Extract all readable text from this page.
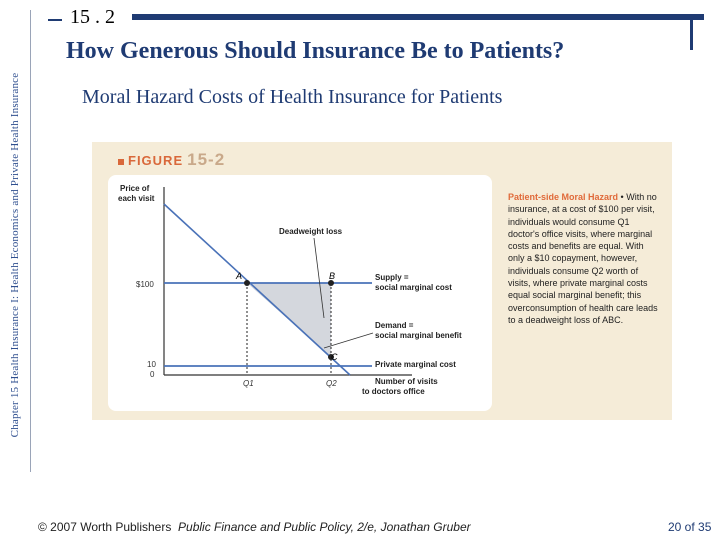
Chapter 15 Health Insurance I: Health Economics and Private Health Insurance
15 . 2
How Generous Should Insurance Be to Patients?
Moral Hazard Costs of Health Insurance for Patients
FIGURE 15-2
A	B
C
Price of each visit
$100
10
0
Q1	Q2	Number of visits to doctors office
Deadweight loss
Supply =
social marginal cost
Demand =
social marginal benefit
Private marginal cost
Patient-side Moral Hazard • With no insurance, at a cost of $100 per visit, individuals would consume Q1 doctor's office visits, where marginal costs and benefits are equal. With only a $10 copayment, however, individuals consume Q2 worth of visits, where private marginal costs equal social marginal benefit; this overconsumption of health care leads to a deadweight loss of ABC.
© 2007 Worth Publishers Public Finance and Public Policy, 2/e, Jonathan Gruber	20 of 35
